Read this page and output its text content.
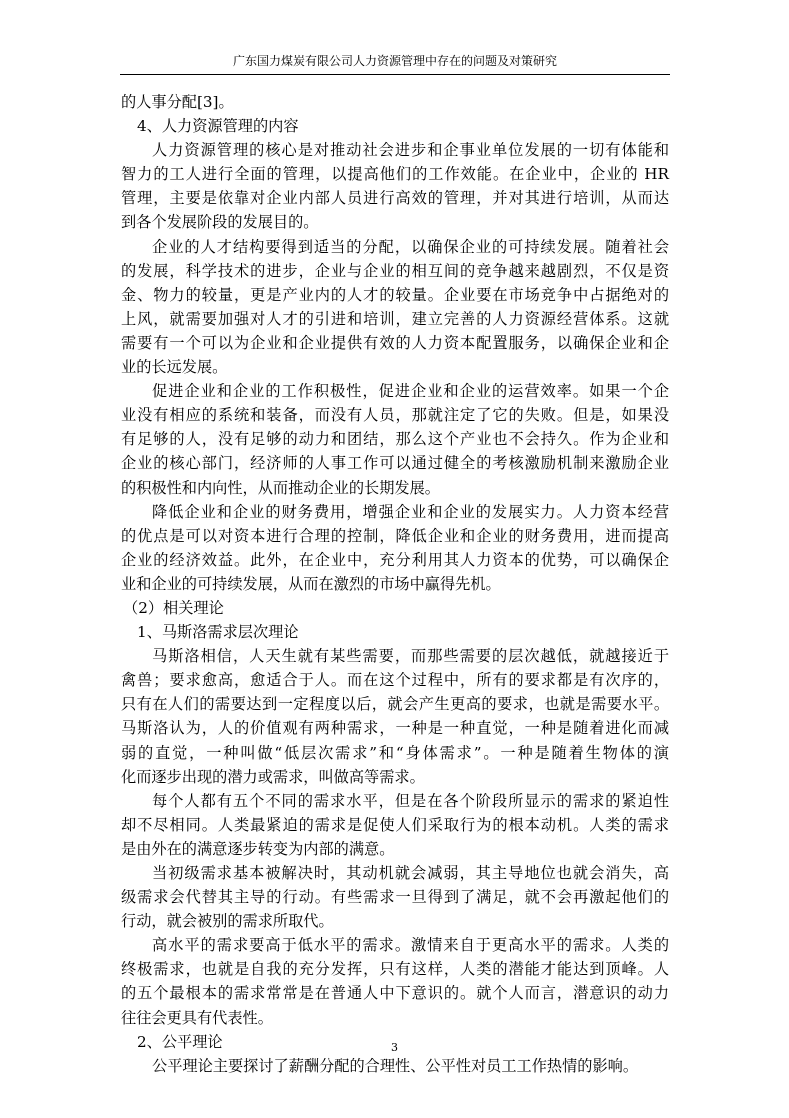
广东国力煤炭有限公司人力资源管理中存在的问题及对策研究
的人事分配[3]。
4、人力资源管理的内容
人力资源管理的核心是对推动社会进步和企事业单位发展的一切有体能和
智力的工人进行全面的管理，以提高他们的工作效能。在企业中，企业的 HR
管理，主要是依靠对企业内部人员进行高效的管理，并对其进行培训，从而达
到各个发展阶段的发展目的。
企业的人才结构要得到适当的分配，以确保企业的可持续发展。随着社会
的发展，科学技术的进步，企业与企业的相互间的竞争越来越剧烈，不仅是资
金、物力的较量，更是产业内的人才的较量。企业要在市场竞争中占据绝对的
上风，就需要加强对人才的引进和培训，建立完善的人力资源经营体系。这就
需要有一个可以为企业和企业提供有效的人力资本配置服务，以确保企业和企
业的长远发展。
促进企业和企业的工作积极性，促进企业和企业的运营效率。如果一个企
业没有相应的系统和装备，而没有人员，那就注定了它的失败。但是，如果没
有足够的人，没有足够的动力和团结，那么这个产业也不会持久。作为企业和
企业的核心部门，经济师的人事工作可以通过健全的考核激励机制来激励企业
的积极性和内向性，从而推动企业的长期发展。
降低企业和企业的财务费用，增强企业和企业的发展实力。人力资本经营
的优点是可以对资本进行合理的控制，降低企业和企业的财务费用，进而提高
企业的经济效益。此外，在企业中，充分利用其人力资本的优势，可以确保企
业和企业的可持续发展，从而在激烈的市场中赢得先机。
（2）相关理论
1、马斯洛需求层次理论
马斯洛相信，人天生就有某些需要，而那些需要的层次越低，就越接近于
禽兽；要求愈高，愈适合于人。而在这个过程中，所有的要求都是有次序的，
只有在人们的需要达到一定程度以后，就会产生更高的要求，也就是需要水平。
马斯洛认为，人的价值观有两种需求，一种是一种直觉，一种是随着进化而减
弱的直觉，一种叫做“低层次需求”和“身体需求”。一种是随着生物体的演
化而逐步出现的潜力或需求，叫做高等需求。
每个人都有五个不同的需求水平，但是在各个阶段所显示的需求的紧迫性
却不尽相同。人类最紧迫的需求是促使人们采取行为的根本动机。人类的需求
是由外在的满意逐步转变为内部的满意。
当初级需求基本被解决时，其动机就会减弱，其主导地位也就会消失，高
级需求会代替其主导的行动。有些需求一旦得到了满足，就不会再激起他们的
行动，就会被别的需求所取代。
高水平的需求要高于低水平的需求。激情来自于更高水平的需求。人类的
终极需求，也就是自我的充分发挥，只有这样，人类的潜能才能达到顶峰。人
的五个最根本的需求常常是在普通人中下意识的。就个人而言，潜意识的动力
往往会更具有代表性。
2、公平理论
公平理论主要探讨了薪酬分配的合理性、公平性对员工工作热情的影响。
3
